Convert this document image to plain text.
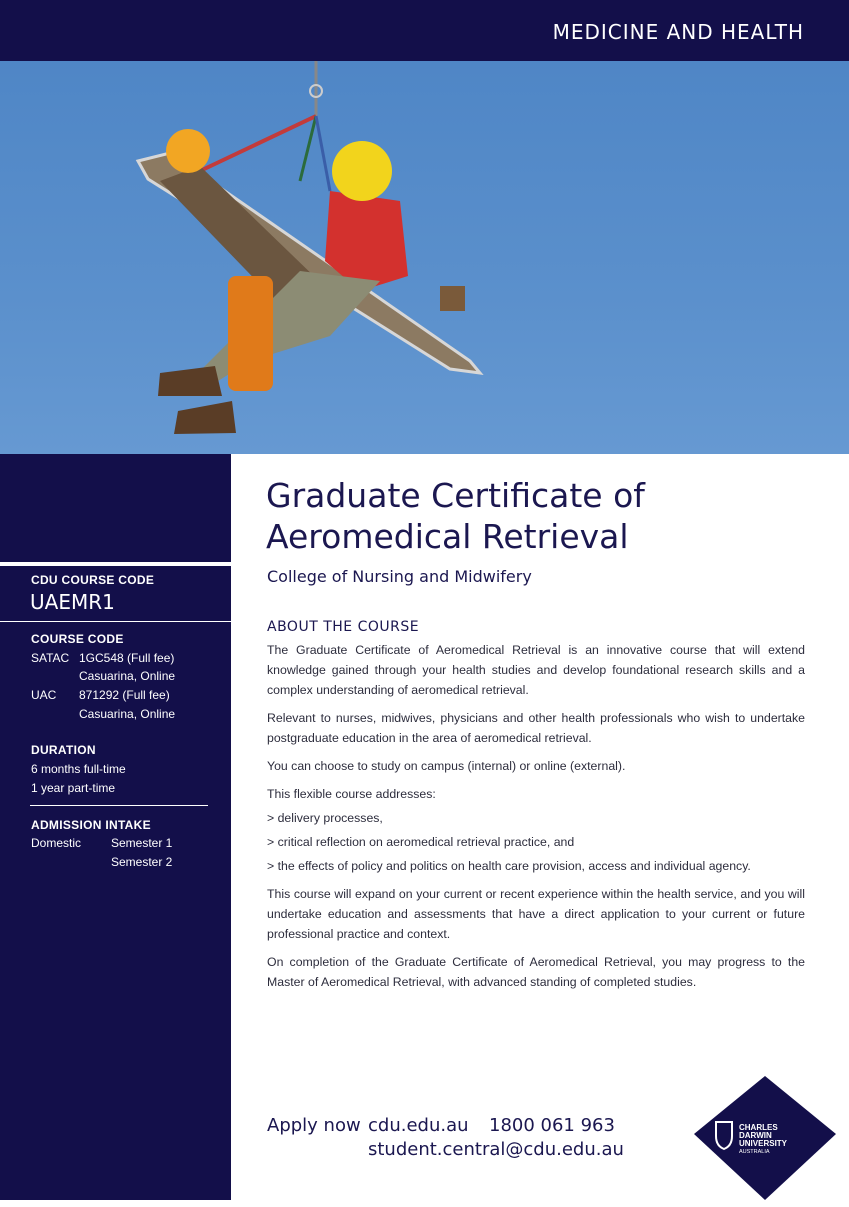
MEDICINE AND HEALTH
CDU COURSE CODE
UAEMR1
COURSE CODE
SATAC 1GC548 (Full fee)
Casuarina, Online
UAC 871292 (Full fee)
Casuarina, Online
DURATION
6 months full-time
1 year part-time
ADMISSION INTAKE
Domestic Semester 1
Semester 2
Graduate Certificate of
Aeromedical Retrieval
College of Nursing and Midwifery
ABOUT THE COURSE
The Graduate Certificate of Aeromedical Retrieval is an innovative course that will extend knowledge gained through your health studies and develop foundational research skills and a complex understanding of aeromedical retrieval.
Relevant to nurses, midwives, physicians and other health professionals who wish to undertake postgraduate education in the area of aeromedical retrieval.
You can choose to study on campus (internal) or online (external).
This flexible course addresses:
> delivery processes,
> critical reflection on aeromedical retrieval practice, and
> the effects of policy and politics on health care provision, access and individual agency.
This course will expand on your current or recent experience within the health service, and you will undertake education and assessments that have a direct application to your current or future professional practice and context.
On completion of the Graduate Certificate of Aeromedical Retrieval, you may progress to the Master of Aeromedical Retrieval, with advanced standing of completed studies.
Apply now cdu.edu.au 1800 061 963
student.central@cdu.edu.au
CHARLES
DARWIN
UNIVERSITY
AUSTRALIA
